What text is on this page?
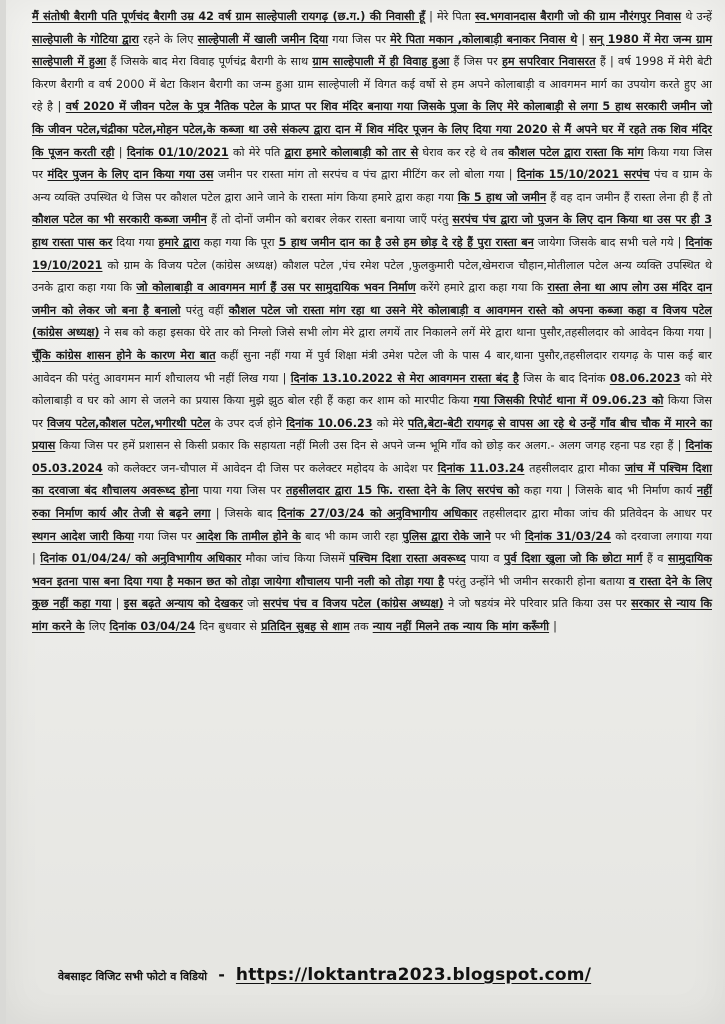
मैं संतोषी बैरागी पति पूर्णचंद बैरागी उम्र 42 वर्ष ग्राम साल्हेपाली रायगढ़ (छ.ग.) की निवासी हूँ | मेरे पिता स्व.भगवानदास बैरागी जो की ग्राम नौरंगपुर निवास थे उन्हें साल्हेपाली के गोटिया द्वारा रहने के लिए साल्हेपाली में खाली जमीन दिया गया जिस पर मेरे पिता मकान ,कोलाबाड़ी बनाकर निवास थे | सन् 1980 में मेरा जन्म ग्राम साल्हेपाली में हुआ हैं जिसके बाद मेरा विवाह पूर्णचंद्र बैरागी के साथ ग्राम साल्हेपाली में ही विवाह हुआ हैं जिस पर हम सपरिवार निवासरत हैं | वर्ष 1998 में मेरी बेटी किरण बैरागी व वर्ष 2000 में बेटा किशन बैरागी का जन्म हुआ ग्राम साल्हेपाली में विगत कई वर्षो से हम अपने कोलाबाड़ी व आवगमन मार्ग का उपयोग करते हुए आ रहे है | वर्ष 2020 में जीवन पटेल के पुत्र नैतिक पटेल के प्राप्त पर शिव मंदिर बनाया गया जिसके पुजा के लिए मेरे कोलाबाड़ी से लगा 5 हाथ सरकारी जमीन जो कि जीवन पटेल,चंद्रीका पटेल,मोहन पटेल,के कब्जा था उसे संकल्प द्वारा दान में शिव मंदिर पूजन के लिए दिया गया 2020 से मैं अपने घर में रहते तक शिव मंदिर कि पूजन करती रही | दिनांक 01/10/2021 को मेरे पति द्वारा हमारे कोलाबाड़ी को तार से घेराव कर रहे थे तब कौशल पटेल द्वारा रास्ता कि मांग किया गया जिस पर मंदिर पुजन के लिए दान किया गया उस जमीन पर रास्ता मांग तो सरपंच व पंच द्वारा मीटिंग कर लो बोला गया | दिनांक 15/10/2021 सरपंच पंच व ग्राम के अन्य व्यक्ति उपस्थित थे जिस पर कौशल पटेल द्वारा आने जाने के रास्ता मांग किया हमारे द्वारा कहा गया कि 5 हाथ जो जमीन हैं वह दान जमीन हैं रास्ता लेना ही हैं तो कौशल पटेल का भी सरकारी कब्जा जमीन हैं तो दोनों जमीन को बराबर लेकर रास्ता बनाया जाएँ परंतु सरपंच पंच द्वारा जो पुजन के लिए दान किया था उस पर ही 3 हाथ रास्ता पास कर दिया गया हमारे द्वारा कहा गया कि पूरा 5 हाथ जमीन दान का है उसे हम छोड़ दे रहे हैं पुरा रास्ता बन जायेगा जिसके बाद सभी चले गये | दिनांक 19/10/2021 को ग्राम के विजय पटेल (कांग्रेस अध्यक्ष) कौशल पटेल ,पंच रमेश पटेल ,फुलकुमारी पटेल,खेमराज चौहान,मोतीलाल पटेल अन्य व्यक्ति उपस्थित थे उनके द्वारा कहा गया कि जो कोलाबाड़ी व आवगमन मार्ग हैं उस पर सामुदायिक भवन निर्माण करेंगे हमारे द्वारा कहा गया कि रास्ता लेना था आप लोग उस मंदिर दान जमीन को लेकर जो बना है बनालो परंतु वहीं कौशल पटेल जो रास्ता मांग रहा था उसने मेरे कोलाबाड़ी व आवगमन रास्ते को अपना कब्जा कहा व विजय पटेल (कांग्रेस अध्यक्ष) ने सब को कहा इसका घेरे तार को निग्लो जिसे सभी लोग मेरे द्वारा लगयें तार निकालने लगें मेरे द्वारा थाना पुसौर,तहसीलदार को आवेदन किया गया | चूँकि कांग्रेस शासन होने के कारण मेरा बात कहीं सुना नहीं गया में पुर्व शिक्षा मंत्री उमेश पटेल जी के पास 4 बार,थाना पुसौर,तहसीलदार रायगढ़ के पास कई बार आवेदन की परंतु आवगमन मार्ग शौचालय भी नहीं लिख गया | दिनांक 13.10.2022 से मेरा आवगमन रास्ता बंद है जिस के बाद दिनांक 08.06.2023 को मेरे कोलाबाड़ी व घर को आग से जलने का प्रयास किया मुझे झुठ बोल रही हैं कहा कर शाम को मारपीट किया गया जिसकी रिपोर्ट थाना में 09.06.23 को किया जिस पर विजय पटेल,कौशल पटेल,भगीरथी पटेल के उपर दर्ज होने दिनांक 10.06.23 को मेरे पति,बेटा-बेटी रायगढ़ से वापस आ रहे थे उन्हें गाँव बीच चौक में मारने का प्रयास किया जिस पर हमें प्रशासन से किसी प्रकार कि सहायता नहीं मिली उस दिन से अपने जन्म भूमि गाँव को छोड़ कर अलग.- अलग जगह रहना पड रहा हैं | दिनांक 05.03.2024 को कलेक्टर जन-चौपाल में आवेदन दी जिस पर कलेक्टर महोदय के आदेश पर दिनांक 11.03.24 तहसीलदार द्वारा मौका जांच में पश्चिम दिशा का दरवाजा बंद शौचालय अवरूध्द होना पाया गया जिस पर तहसीलदार द्वारा 15 फि. रास्ता देने के लिए सरपंच को कहा गया | जिसके बाद भी निर्माण कार्य नहीं रुका निर्माण कार्य और तेजी से बढ़ने लगा | जिसके बाद दिनांक 27/03/24 को अनुविभागीय अधिकार तहसीलदार द्वारा मौका जांच की प्रतिवेदन के आधर पर स्थगन आदेश जारी किया गया जिस पर आदेश कि तामील होने के बाद भी काम जारी रहा पुलिस द्वारा रोके जाने पर भी दिनांक 31/03/24 को दरवाजा लगाया गया | दिनांक 01/04/24/ को अनुविभागीय अधिकार मौका जांच किया जिसमें पश्चिम दिशा रास्ता अवरूध्द पाया व पुर्व दिशा खुला जो कि छोटा मार्ग हैं व सामुदायिक भवन इतना पास बना दिया गया है मकान छत को तोड़ा जायेगा शौचालय पानी नली को तोड़ा गया है परंतु उन्होंने भी जमीन सरकारी होना बताया व रास्ता देने के लिए कुछ नहीं कहा गया | इस बढ़ते अन्याय को देखकर जो सरपंच पंच व विजय पटेल (कांग्रेस अध्यक्ष) ने जो षडयंत्र मेरे परिवार प्रति किया उस पर सरकार से न्याय कि मांग करने के लिए दिनांक 03/04/24 दिन बुधवार से प्रतिदिन सुबह से शाम तक न्याय नहीं मिलने तक न्याय कि मांग करूँगी |

वेबसाइट विजिट सभी फोटो व विडियो - https://loktantra2023.blogspot.com/
